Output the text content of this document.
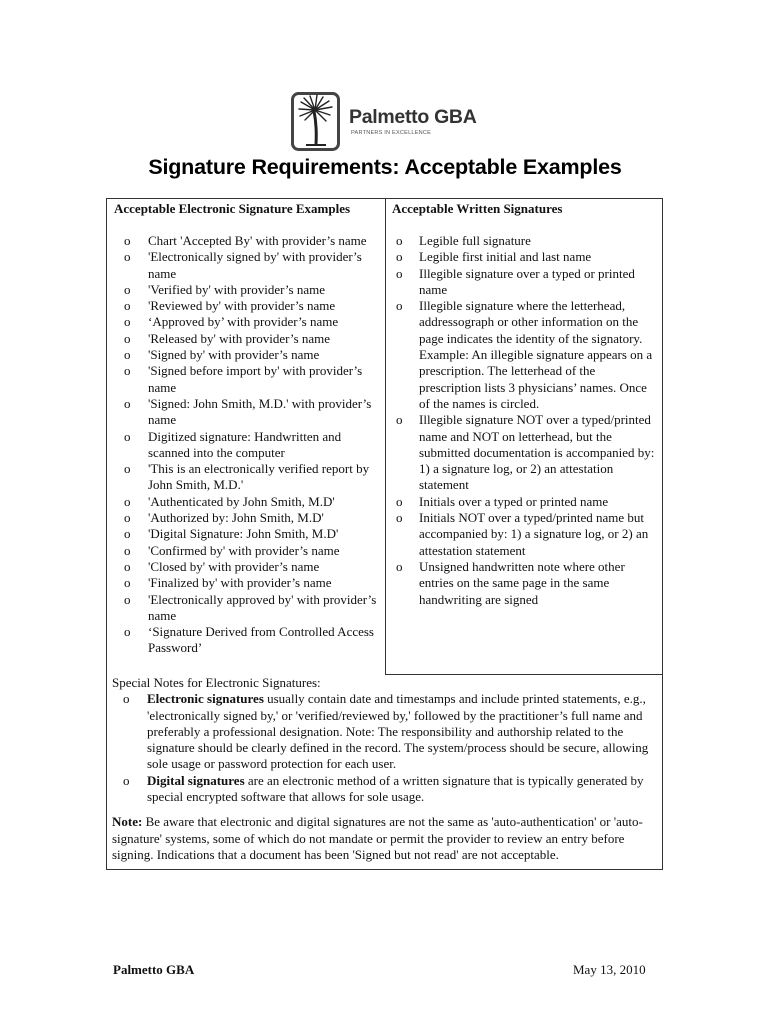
Palmetto GBA
PARTNERS IN EXCELLENCE
Signature Requirements: Acceptable Examples
Acceptable Electronic Signature Examples	Acceptable Written Signatures
o Chart 'Accepted By' with provider’s name
o 'Electronically signed by' with provider’s name
o 'Verified by' with provider’s name
o 'Reviewed by' with provider’s name
o ‘Approved by’ with provider’s name
o 'Released by' with provider’s name
o 'Signed by' with provider’s name
o 'Signed before import by' with provider’s name
o 'Signed: John Smith, M.D.' with provider’s name
o Digitized signature: Handwritten and scanned into the computer
o 'This is an electronically verified report by John Smith, M.D.'
o 'Authenticated by John Smith, M.D'
o 'Authorized by: John Smith, M.D'
o 'Digital Signature: John Smith, M.D'
o 'Confirmed by' with provider’s name
o 'Closed by' with provider’s name
o 'Finalized by' with provider’s name
o 'Electronically approved by' with provider’s name
o ‘Signature Derived from Controlled Access Password’
o Legible full signature
o Legible first initial and last name
o Illegible signature over a typed or printed name
o Illegible signature where the letterhead, addressograph or other information on the page indicates the identity of the signatory. Example: An illegible signature appears on a prescription. The letterhead of the prescription lists 3 physicians’ names. Once of the names is circled.
o Illegible signature NOT over a typed/printed name and NOT on letterhead, but the submitted documentation is accompanied by: 1) a signature log, or 2) an attestation statement
o Initials over a typed or printed name
o Initials NOT over a typed/printed name but accompanied by: 1) a signature log, or 2) an attestation statement
o Unsigned handwritten note where other entries on the same page in the same handwriting are signed
Special Notes for Electronic Signatures:
o Electronic signatures usually contain date and timestamps and include printed statements, e.g., 'electronically signed by,' or 'verified/reviewed by,' followed by the practitioner’s full name and preferably a professional designation. Note: The responsibility and authorship related to the signature should be clearly defined in the record. The system/process should be secure, allowing sole usage or password protection for each user.
o Digital signatures are an electronic method of a written signature that is typically generated by special encrypted software that allows for sole usage.
Note: Be aware that electronic and digital signatures are not the same as 'auto-authentication' or 'auto-signature' systems, some of which do not mandate or permit the provider to review an entry before signing. Indications that a document has been 'Signed but not read' are not acceptable.
Palmetto GBA	May 13, 2010
